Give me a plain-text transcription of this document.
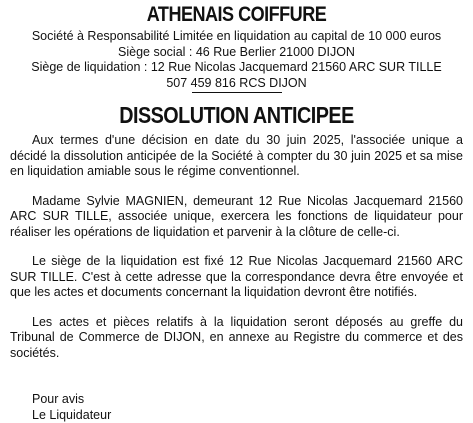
ATHENAIS COIFFURE
Société à Responsabilité Limitée en liquidation au capital de 10 000 euros
Siège social : 46 Rue Berlier 21000 DIJON
Siège de liquidation : 12 Rue Nicolas Jacquemard 21560 ARC SUR TILLE
507 459 816 RCS DIJON
DISSOLUTION ANTICIPEE

Aux termes d'une décision en date du 30 juin 2025, l'associée unique a décidé la dissolution anticipée de la Société à compter du 30 juin 2025 et sa mise en liquidation amiable sous le régime conventionnel.

Madame Sylvie MAGNIEN, demeurant 12 Rue Nicolas Jacquemard 21560 ARC SUR TILLE, associée unique, exercera les fonctions de liquidateur pour réaliser les opérations de liquidation et parvenir à la clôture de celle-ci.

Le siège de la liquidation est fixé 12 Rue Nicolas Jacquemard 21560 ARC SUR TILLE. C'est à cette adresse que la correspondance devra être envoyée et que les actes et documents concernant la liquidation devront être notifiés.

Les actes et pièces relatifs à la liquidation seront déposés au greffe du Tribunal de Commerce de DIJON, en annexe au Registre du commerce et des sociétés.

Pour avis
Le Liquidateur
